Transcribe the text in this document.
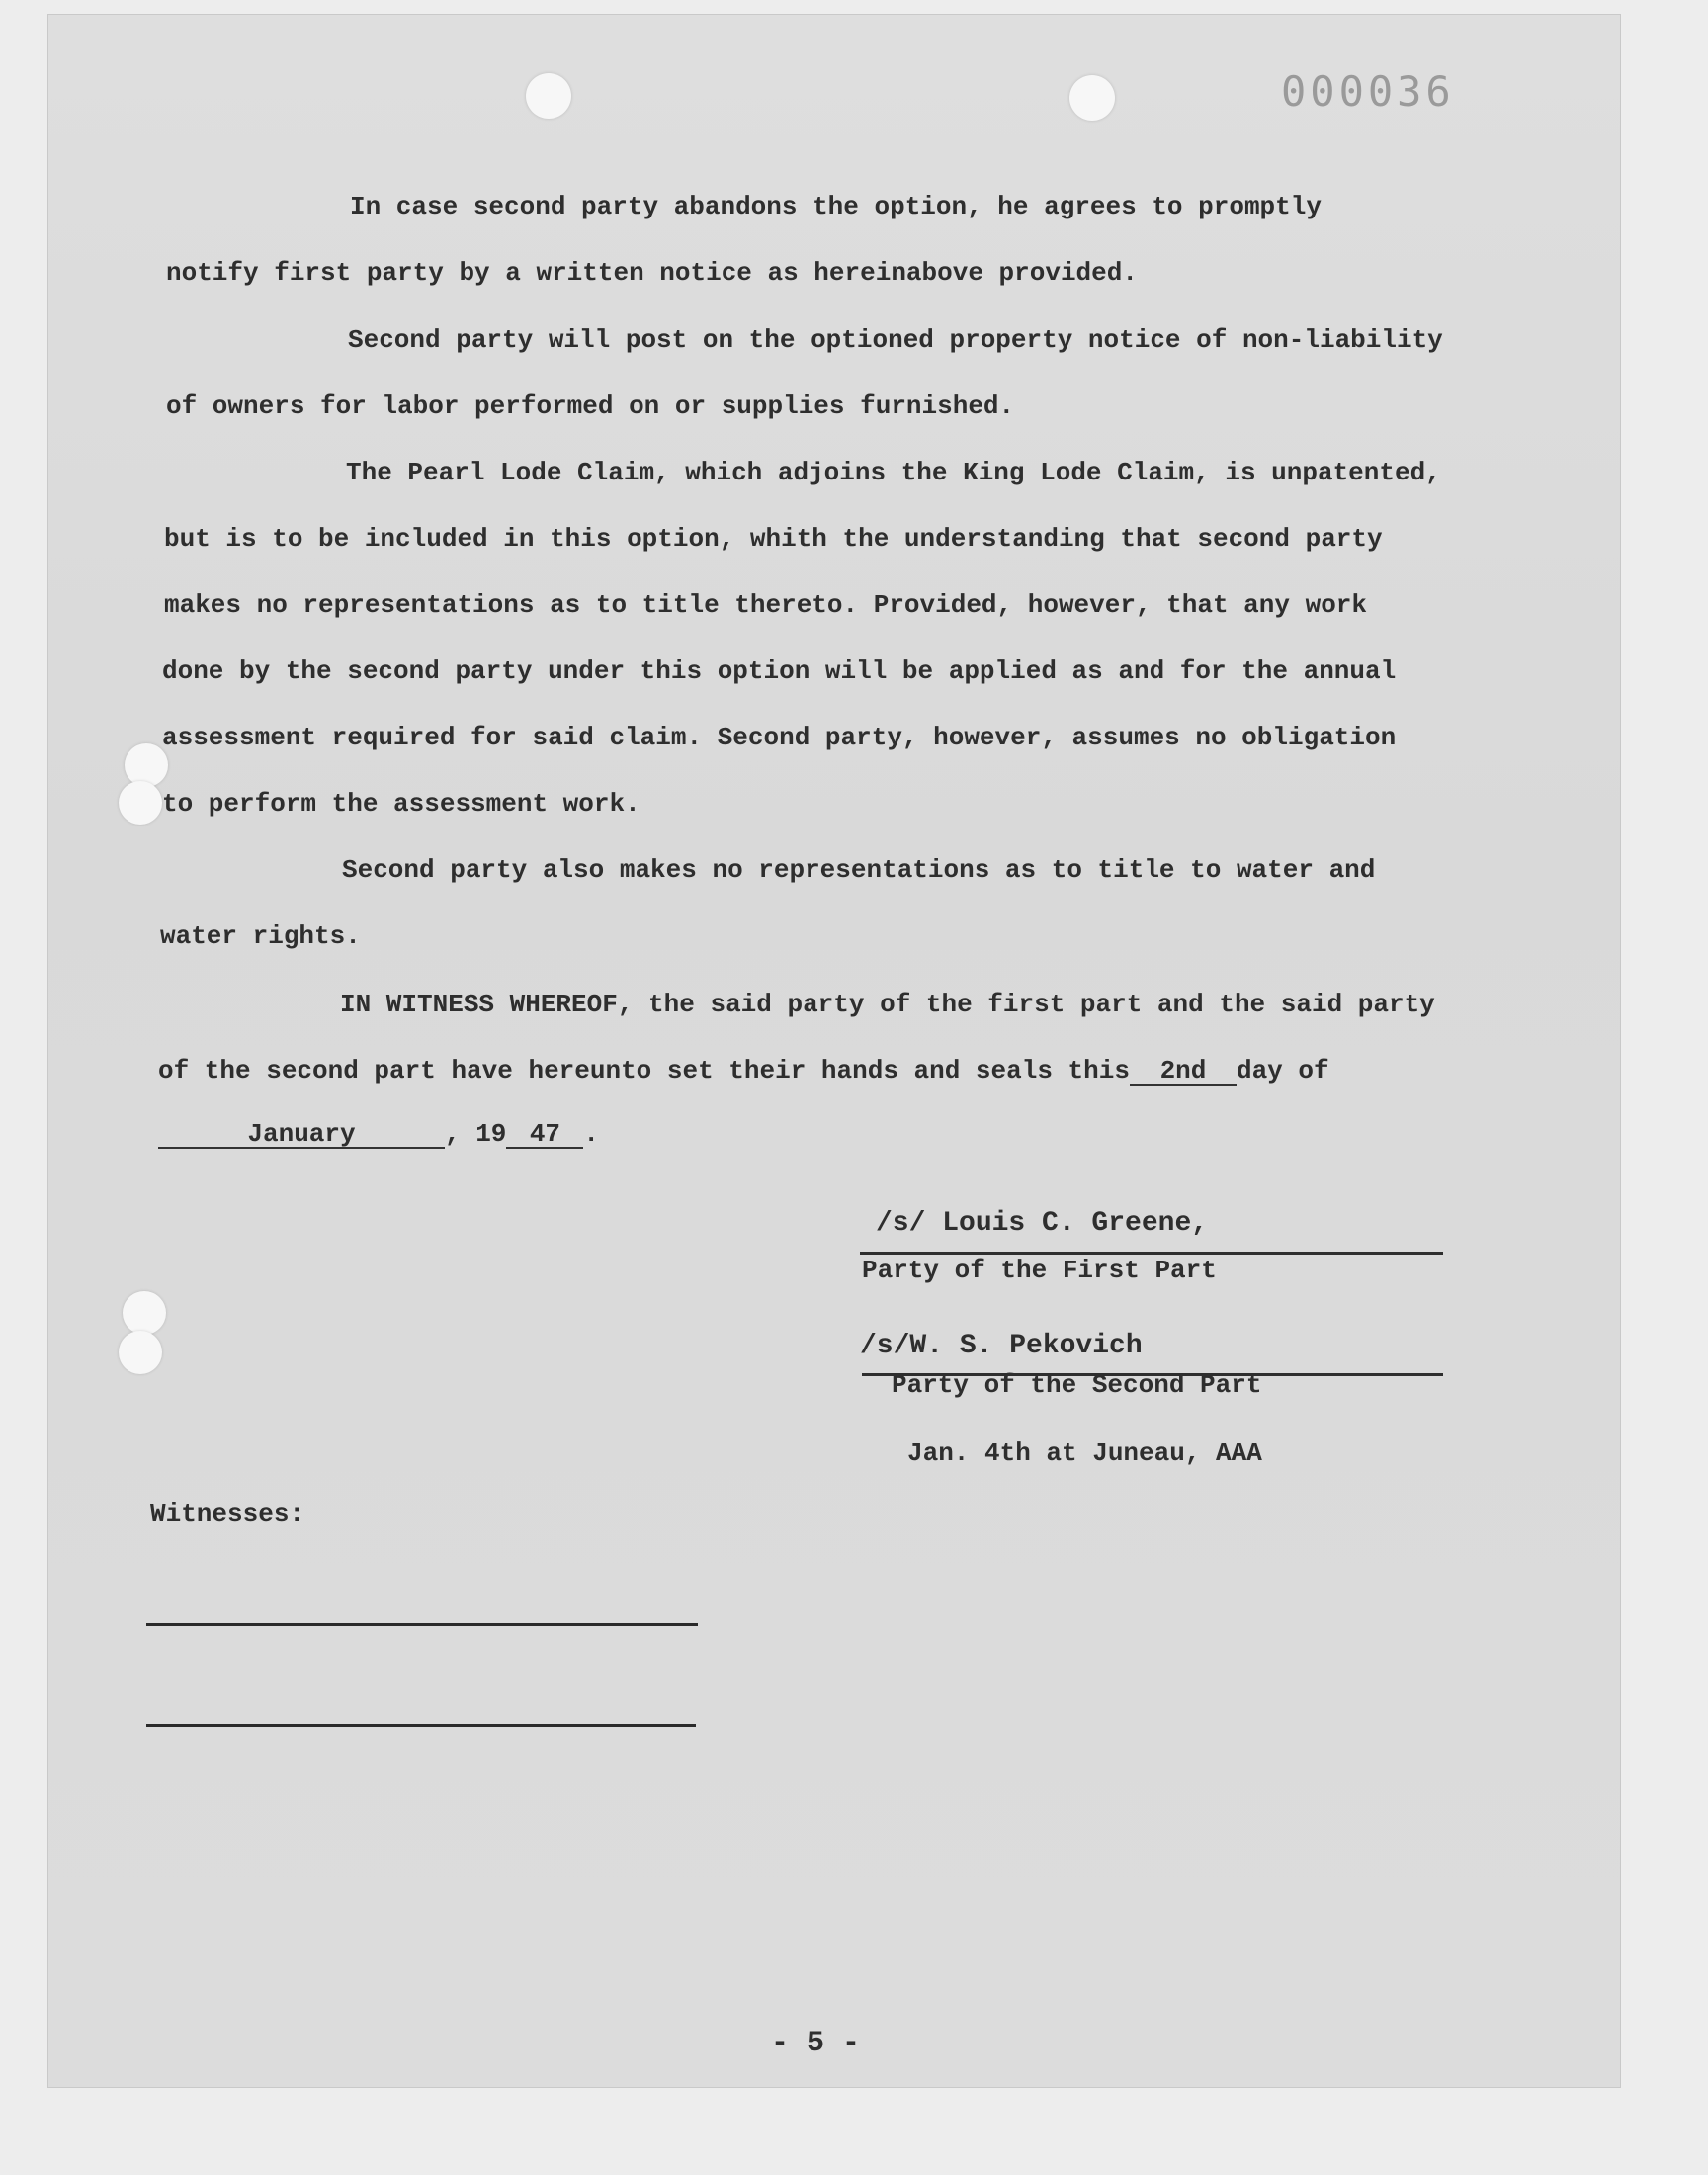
000036
In case second party abandons the option, he agrees to promptly
notify first party by a written notice as hereinabove provided.
Second party will post on the optioned property notice of non-liability
of owners for labor performed on or supplies furnished.
The Pearl Lode Claim, which adjoins the King Lode Claim, is unpatented,
but is to be included in this option, whith the understanding that second party
makes no representations as to title thereto. Provided, however, that any work
done by the second party under this option will be applied as and for the annual
assessment required for said claim. Second party, however, assumes no obligation
to perform the assessment work.
Second party also makes no representations as to title to water and
water rights.
IN WITNESS WHEREOF, the said party of the first part and the said party
of the second part have hereunto set their hands and seals this 2nd day of
January	, 19 47 .
/s/ Louis C. Greene,
Party of the First Part
/s/W. S. Pekovich
Party of the Second Part
Jan. 4th at Juneau, AAA
Witnesses:
- 5 -
